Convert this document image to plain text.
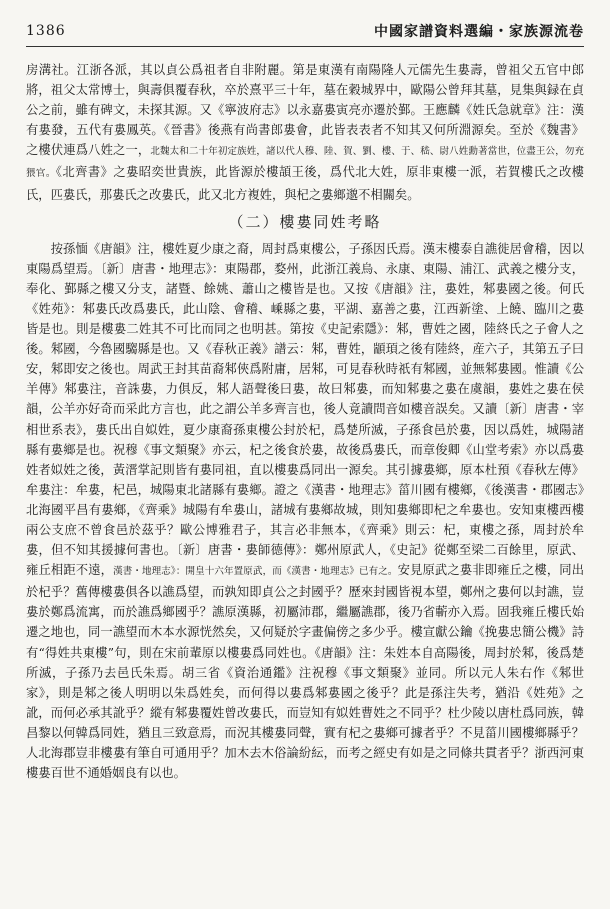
1386	中國家譜資料選編・家族源流卷

房溝社。江浙各派，其以貞公爲祖者自非附麗。第是東漢有南陽隆人元儒先生婁壽，曾祖父五官中郎將，祖父太常博士，與壽俱覆春秋，卒於熹平三十年，墓在穀城界中，歐陽公曾拜其墓，見集與録在貞公之前，雖有碑文，未探其源。又《寧波府志》以永嘉婁寅亮亦遷於鄞。王應麟《姓氏急就章》注：漢有婁發，五代有婁鳳英。《晉書》後燕有尚書郎婁會，此皆表表者不知其又何所淵源矣。至於《魏書》之樓伏連爲八姓之一，北魏太和二十年初定族姓，諸以代人穆、陸、賀、劉、樓、于、嵇、尉八姓勳著當世，位盡王公，勿充猥官。《北齊書》之婁昭奕世貴族，此皆源於樓頡王後，爲代北大姓，原非東樓一派，若賀樓氏之改樓氏，匹婁氏，那婁氏之改婁氏，此又北方複姓，與杞之婁鄉邈不相關矣。

（二）樓婁同姓考略

按孫愐《唐韻》注，樓姓夏少康之裔，周封爲東樓公，子孫因氏焉。漢末樓泰自譙徙居會稽，因以東陽爲望焉。〔新〕唐書・地理志》：東陽郡，婺州，此浙江義烏、永康、東陽、浦江、武義之樓分支，奉化、鄞縣之樓又分支，諸暨、餘姚、蕭山之樓皆是也。又按《唐韻》注，婁姓，邾婁國之後。何氏《姓苑》：邾婁氏改爲婁氏，此山陰、會稽、嵊縣之婁，平湖、嘉善之婁，江西新塗、上饒、臨川之婁皆是也。則是樓婁二姓其不可比而同之也明甚。第按《史記索隱》：邾，曹姓之國，陸終氏之子會人之後。邾國，今魯國騶縣是也。又《春秋正義》譜云：邾，曹姓，顓頊之後有陸終，産六子，其第五子曰安，邾即安之後也。周武王封其苗裔邾俠爲附庸，居邾，可見春秋時祇有邾國，並無邾婁國。惟讀《公羊傳》邾婁注，音誅婁，力俱反，邾人語聲後曰婁，故曰邾婁，而知邾婁之婁在虞韻，婁姓之婁在侯韻，公羊亦好奇而采此方言也，此之謂公羊多齊言也，後人竟讀問音如樓音誤矣。又讀〔新〕唐書・宰相世系表》，婁氏出自姒姓，夏少康裔孫東樓公封於杞，爲楚所滅，子孫食邑於婁，因以爲姓，城陽諸縣有婁鄉是也。祝穆《事文類聚》亦云，杞之後食於婁，故後爲婁氏，而章俊卿《山堂考索》亦以爲婁姓者姒姓之後，黃溍掌記則皆有婁同祖，直以樓婁爲同出一源矣。其引據婁鄉，原本杜預《春秋左傳》牟婁注：牟婁，杞邑，城陽東北諸縣有婁鄉。證之《漢書・地理志》菑川國有樓鄉，《後漢書・郡國志》北海國平昌有婁鄉，《齊乘》城陽有牟婁山，諸城有婁鄉故城，則知婁鄉即杞之牟婁也。安知東樓西樓兩公支庶不曾食邑於茲乎？歐公博雅君子，其言必非無本，《齊乘》則云：杞，東樓之孫，周封於牟婁，但不知其援據何書也。〔新〕唐書・婁師德傳》：鄭州原武人，《史記》從鄭至梁二百餘里，原武、雍丘相距不遠，漢書・地理志》：開皇十六年置原武，而《漢書・地理志》已有之。安見原武之婁非即雍丘之樓，同出於杞乎？舊傳樓婁俱各以譙爲望，而孰知即貞公之封國乎？歷來封國皆視本望，鄭州之婁何以封譙，豈婁於鄭爲流寓，而於譙爲鄉國乎？譙原漢縣，初屬沛郡，繼屬譙郡，後乃省蘄亦入焉。固我雍丘樓氏始遷之地也，同一譙望而木本水源恍然矣，又何疑於字畫偏傍之多少乎。樓宣獻公鑰《挽婁忠簡公機》詩有“得姓共東樓”句，則在宋前輩原以樓婁爲同姓也。《唐韻》注：朱姓本自高陽後，周封於邾，後爲楚所滅，子孫乃去邑氏朱焉。胡三省《資治通鑑》注祝穆《事文類聚》並同。所以元人朱右作《邾世家》，則是邾之後人明明以朱爲姓矣，而何得以婁爲邾婁國之後乎？此是孫注失考，猶沿《姓苑》之訛，而何必承其訛乎？縱有邾婁覆姓曾改婁氏，而豈知有姒姓曹姓之不同乎？杜少陵以唐杜爲同族，韓昌黎以何韓爲同姓，猶且三致意焉，而況其樓婁同聲，實有杞之婁鄉可據者乎？不見菑川國樓鄉縣乎？人北海郡豈非樓婁有筆自可通用乎？加木去木俗論紛紜，而考之經史有如是之同條共貫者乎？浙西河東樓婁百世不通婚姻良有以也。
